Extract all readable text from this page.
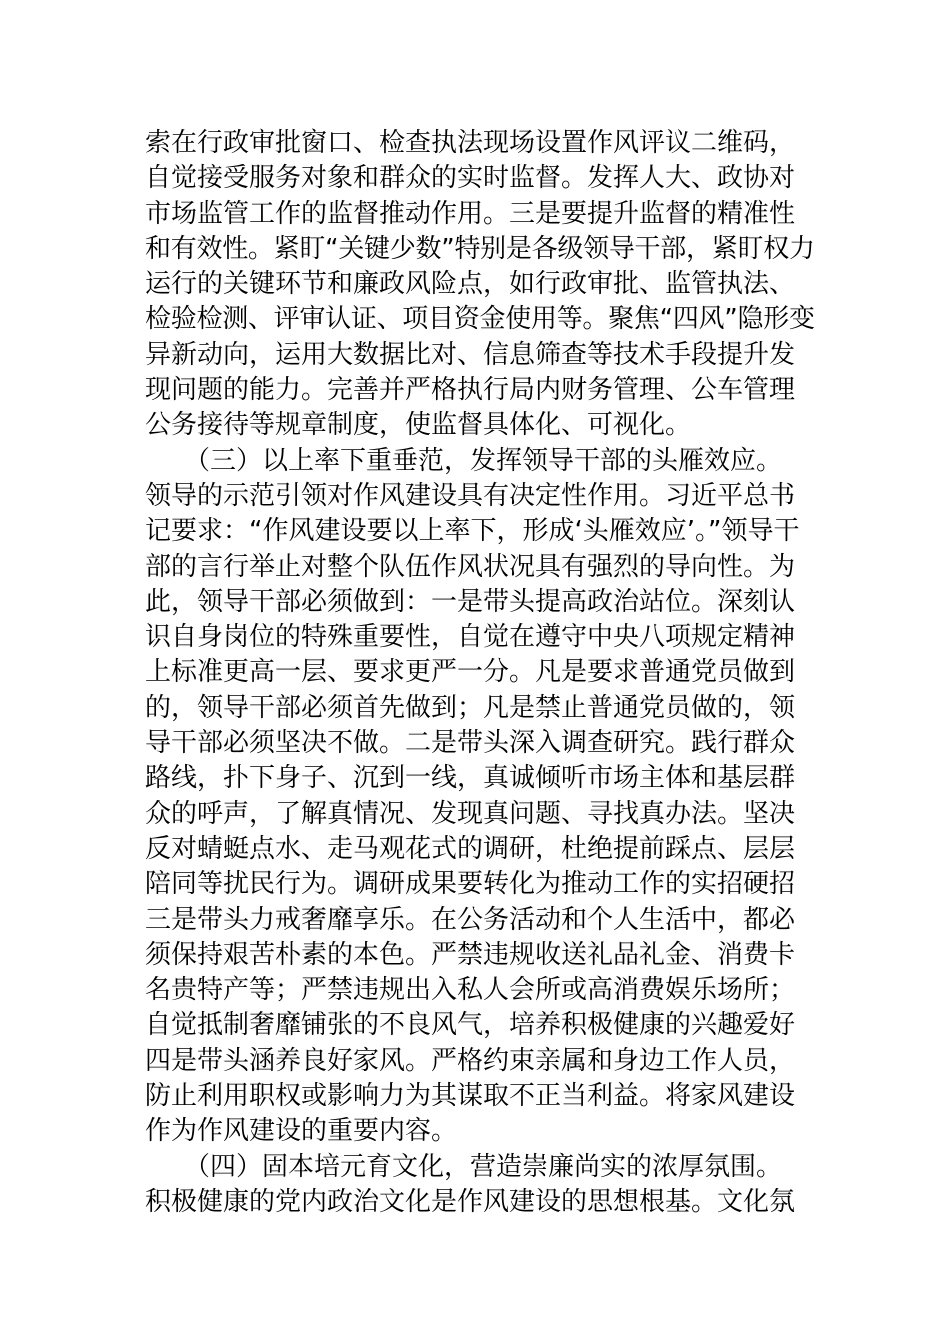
索在行政审批窗口、检查执法现场设置作风评议二维码，
自觉接受服务对象和群众的实时监督。发挥人大、政协对
市场监管工作的监督推动作用。三是要提升监督的精准性
和有效性。紧盯“关键少数”特别是各级领导干部，紧盯权力
运行的关键环节和廉政风险点，如行政审批、监管执法、
检验检测、评审认证、项目资金使用等。聚焦“四风”隐形变
异新动向，运用大数据比对、信息筛查等技术手段提升发
现问题的能力。完善并严格执行局内财务管理、公车管理
公务接待等规章制度，使监督具体化、可视化。
　　（三）以上率下重垂范，发挥领导干部的头雁效应。
领导的示范引领对作风建设具有决定性作用。习近平总书
记要求：“作风建设要以上率下，形成‘头雁效应’。”领导干
部的言行举止对整个队伍作风状况具有强烈的导向性。为
此，领导干部必须做到：一是带头提高政治站位。深刻认
识自身岗位的特殊重要性，自觉在遵守中央八项规定精神
上标准更高一层、要求更严一分。凡是要求普通党员做到
的，领导干部必须首先做到；凡是禁止普通党员做的，领
导干部必须坚决不做。二是带头深入调查研究。践行群众
路线，扑下身子、沉到一线，真诚倾听市场主体和基层群
众的呼声，了解真情况、发现真问题、寻找真办法。坚决
反对蜻蜓点水、走马观花式的调研，杜绝提前踩点、层层
陪同等扰民行为。调研成果要转化为推动工作的实招硬招
三是带头力戒奢靡享乐。在公务活动和个人生活中，都必
须保持艰苦朴素的本色。严禁违规收送礼品礼金、消费卡
名贵特产等；严禁违规出入私人会所或高消费娱乐场所；
自觉抵制奢靡铺张的不良风气，培养积极健康的兴趣爱好
四是带头涵养良好家风。严格约束亲属和身边工作人员，
防止利用职权或影响力为其谋取不正当利益。将家风建设
作为作风建设的重要内容。
　　（四）固本培元育文化，营造崇廉尚实的浓厚氛围。
积极健康的党内政治文化是作风建设的思想根基。文化氛
